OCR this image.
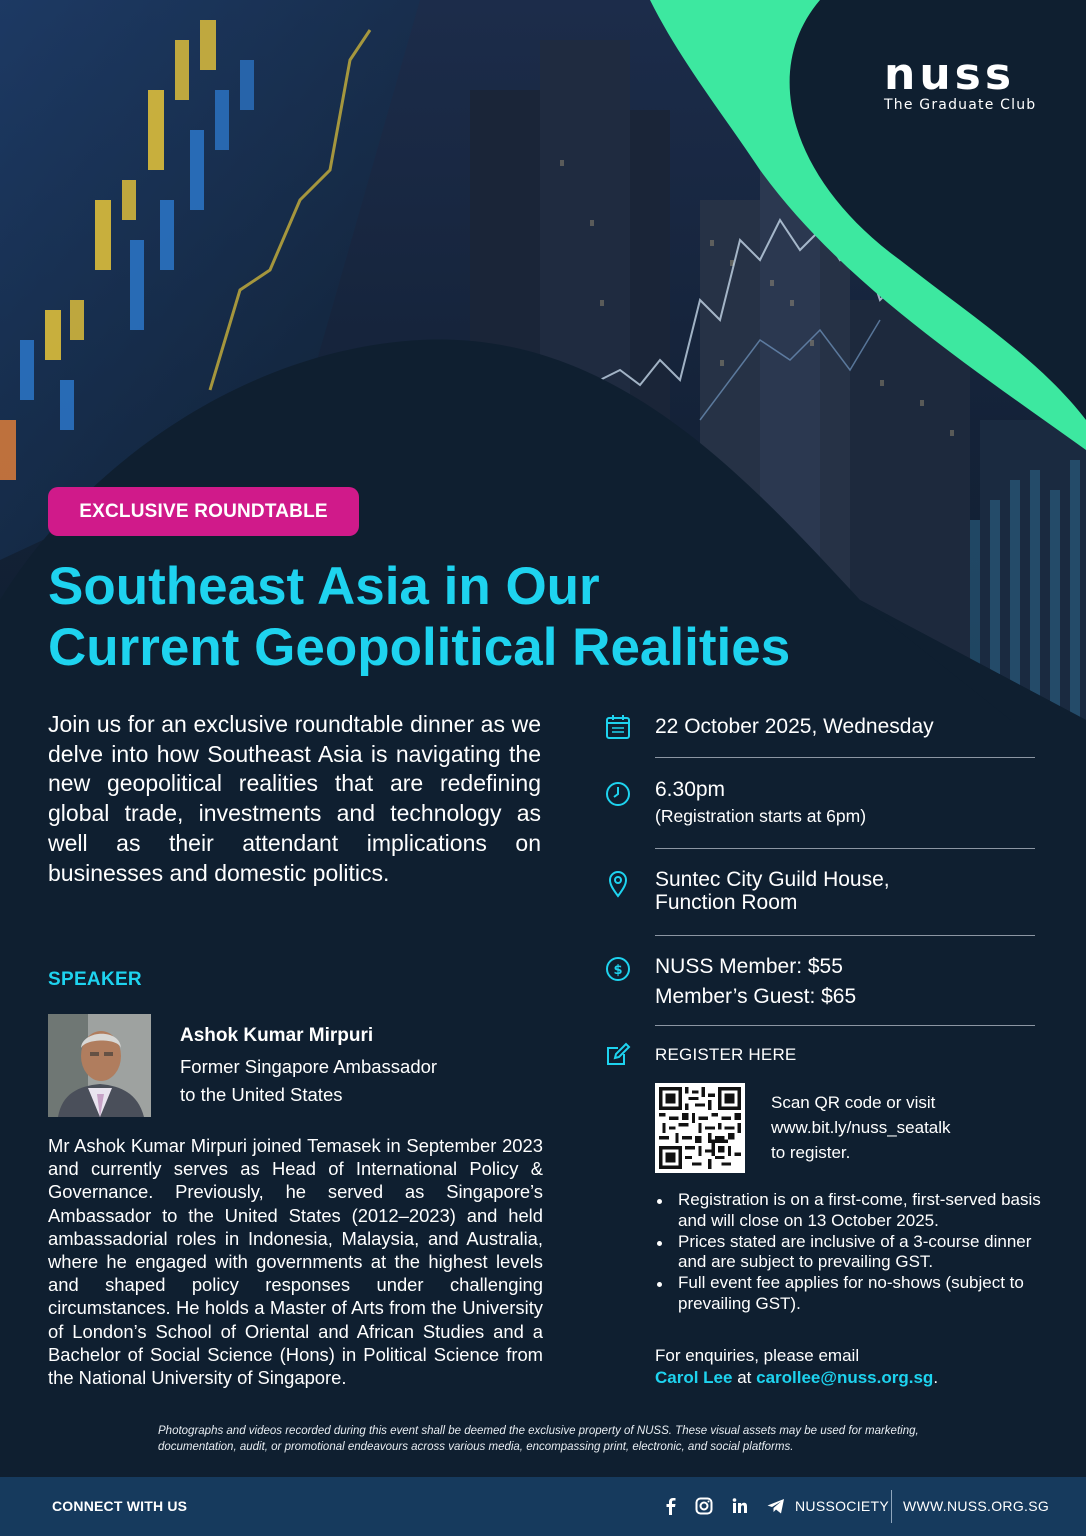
nuss
The Graduate Club
EXCLUSIVE ROUNDTABLE
Southeast Asia in Our
Current Geopolitical Realities

Join us for an exclusive roundtable dinner as we delve into how Southeast Asia is navigating the new geopolitical realities that are redefining global trade, investments and technology as well as their attendant implications on businesses and domestic politics.

SPEAKER
Ashok Kumar Mirpuri
Former Singapore Ambassador
to the United States

Mr Ashok Kumar Mirpuri joined Temasek in September 2023 and currently serves as Head of International Policy & Governance. Previously, he served as Singapore’s Ambassador to the United States (2012–2023) and held ambassadorial roles in Indonesia, Malaysia, and Australia, where he engaged with governments at the highest levels and shaped policy responses under challenging circumstances. He holds a Master of Arts from the University of London’s School of Oriental and African Studies and a Bachelor of Social Science (Hons) in Political Science from the National University of Singapore.

22 October 2025, Wednesday
6.30pm
(Registration starts at 6pm)
Suntec City Guild House,
Function Room
$ NUSS Member: $55
Member’s Guest: $65
REGISTER HERE
Scan QR code or visit
www.bit.ly/nuss_seatalk
to register.
Registration is on a first-come, first-served basis and will close on 13 October 2025.
Prices stated are inclusive of a 3-course dinner and are subject to prevailing GST.
Full event fee applies for no-shows (subject to prevailing GST).
For enquiries, please email
Carol Lee at carollee@nuss.org.sg.

Photographs and videos recorded during this event shall be deemed the exclusive property of NUSS. These visual assets may be used for marketing, documentation, audit, or promotional endeavours across various media, encompassing print, electronic, and social platforms.

CONNECT WITH US	NUSSOCIETY WWW.NUSS.ORG.SG
